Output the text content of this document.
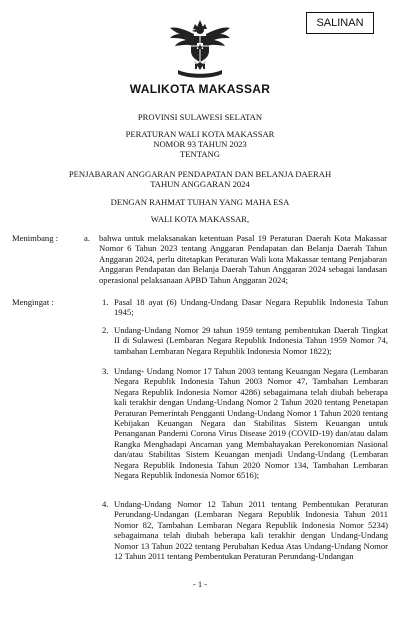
SALINAN
WALIKOTA MAKASSAR
PROVINSI SULAWESI SELATAN
PERATURAN WALI KOTA MAKASSAR
NOMOR 93 TAHUN 2023
TENTANG
PENJABARAN ANGGARAN PENDAPATAN DAN BELANJA DAERAH
TAHUN ANGGARAN 2024
DENGAN RAHMAT TUHAN YANG MAHA ESA
WALI KOTA MAKASSAR,
Menimbang :	a. bahwa untuk melaksanakan ketentuan Pasal 19 Peraturan Daerah Kota Makassar Nomor 6 Tahun 2023 tentang Anggaran Pendapatan dan Belanja Daerah Tahun Anggaran 2024, perlu ditetapkan Peraturan Wali kota Makassar tentang Penjabaran Anggaran Pendapatan dan Belanja Daerah Tahun Anggaran 2024 sebagai landasan operasional pelaksanaan APBD Tahun Anggaran 2024;
Mengingat :	1. Pasal 18 ayat (6) Undang-Undang Dasar Negara Republik Indonesia Tahun 1945;
2. Undang-Undang Nomor 29 tahun 1959 tentang pembentukan Daerah Tingkat II di Sulawesi (Lembaran Negara Republik Indonesia Tahun 1959 Nomor 74, tambahan Lembaran Negara Republik Indonesia Nomor 1822);
3. Undang- Undang Nomor 17 Tahun 2003 tentang Keuangan Negara (Lembaran Negara Republik Indonesia Tahun 2003 Nomor 47, Tambahan Lembaran Negara Republik Indonesia Nomor 4286) sebagaimana telah diubah beberapa kali terakhir dengan Undang-Undang Nomor 2 Tahun 2020 tentang Penetapan Peraturan Pemerintah Pengganti Undang-Undang Nomor 1 Tahun 2020 tentang Kebijakan Keuangan Negara dan Stabilitas Sistem Keuangan untuk Penanganan Pandemi Corona Virus Disease 2019 (COVID-19) dan/atau dalam Rangka Menghadapi Ancaman yang Membahayakan Perekonomian Nasional dan/atau Stabilitas Sistem Keuangan menjadi Undang-Undang (Lembaran Negara Republik Indonesia Tahun 2020 Nomor 134, Tambahan Lembaran Negara Republik Indonesia Nomor 6516);
4. Undang-Undang Nomor 12 Tahun 2011 tentang Pembentukan Peraturan Perundang-Undangan (Lembaran Negara Republik Indonesia Tahun 2011 Nomor 82, Tambahan Lembaran Negara Republik Indonesia Nomor 5234) sebagaimana telah diubah beberapa kali terakhir dengan Undang-Undang Nomor 13 Tahun 2022 tentang Perubahan Kedua Atas Undang-Undang Nomor 12 Tahun 2011 tentang Pembentukan Peraturan Perundang-Undangan
- 1 -
